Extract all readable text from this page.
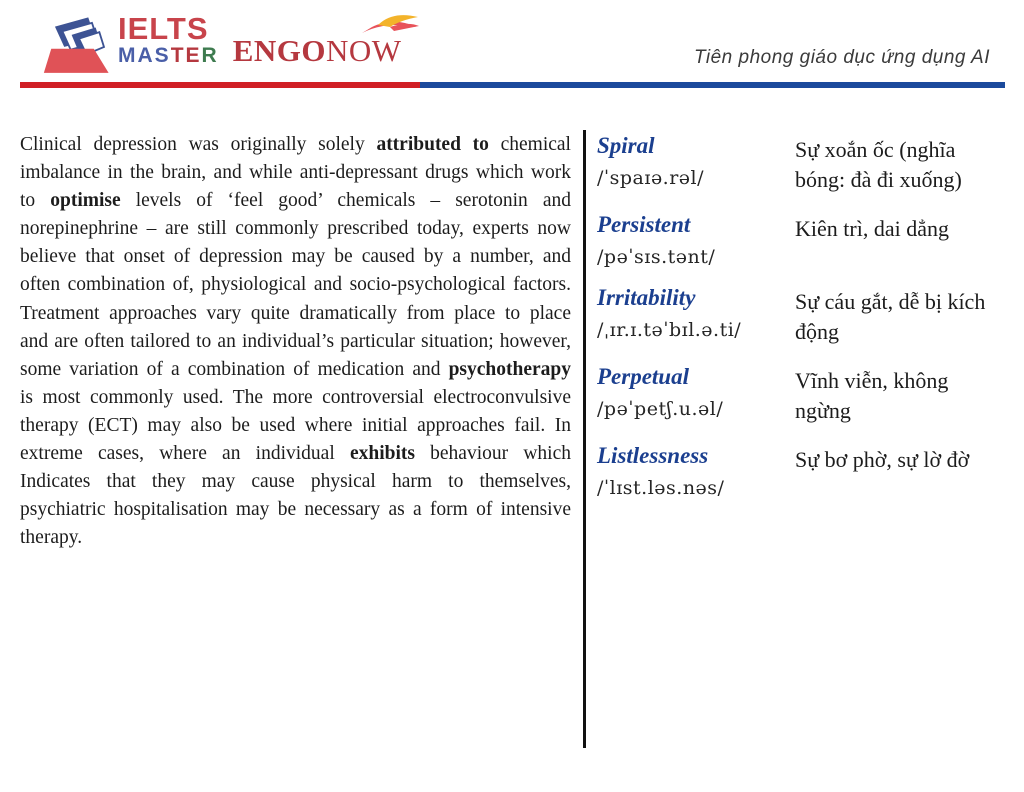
IELTS
MASTER ENGONOW	Tiên phong giáo dục ứng dụng AI

Clinical depression was originally solely attributed to chemical imbalance in the brain, and while anti-depressant drugs which work to optimise levels of ‘feel good’ chemicals – serotonin and norepinephrine – are still commonly prescribed today, experts now believe that onset of depression may be caused by a number, and often combination of, physiological and socio-psychological factors. Treatment approaches vary quite dramatically from place to place and are often tailored to an individual’s particular situation; however, some variation of a combination of medication and psychotherapy is most commonly used. The more controversial electroconvulsive therapy (ECT) may also be used where initial approaches fail. In extreme cases, where an individual exhibits behaviour which Indicates that they may cause physical harm to themselves, psychiatric hospitalisation may be necessary as a form of intensive therapy.

Spiral
/ˈspaɪə.rəl/
Sự xoắn ốc (nghĩa bóng: đà đi xuống)
Persistent
/pəˈsɪs.tənt/
Kiên trì, dai dẳng
Irritability
/ˌɪr.ɪ.təˈbɪl.ə.ti/
Sự cáu gắt, dễ bị kích động
Perpetual
/pəˈpetʃ.u.əl/
Vĩnh viễn, không ngừng
Listlessness
/ˈlɪst.ləs.nəs/
Sự bơ phờ, sự lờ đờ
